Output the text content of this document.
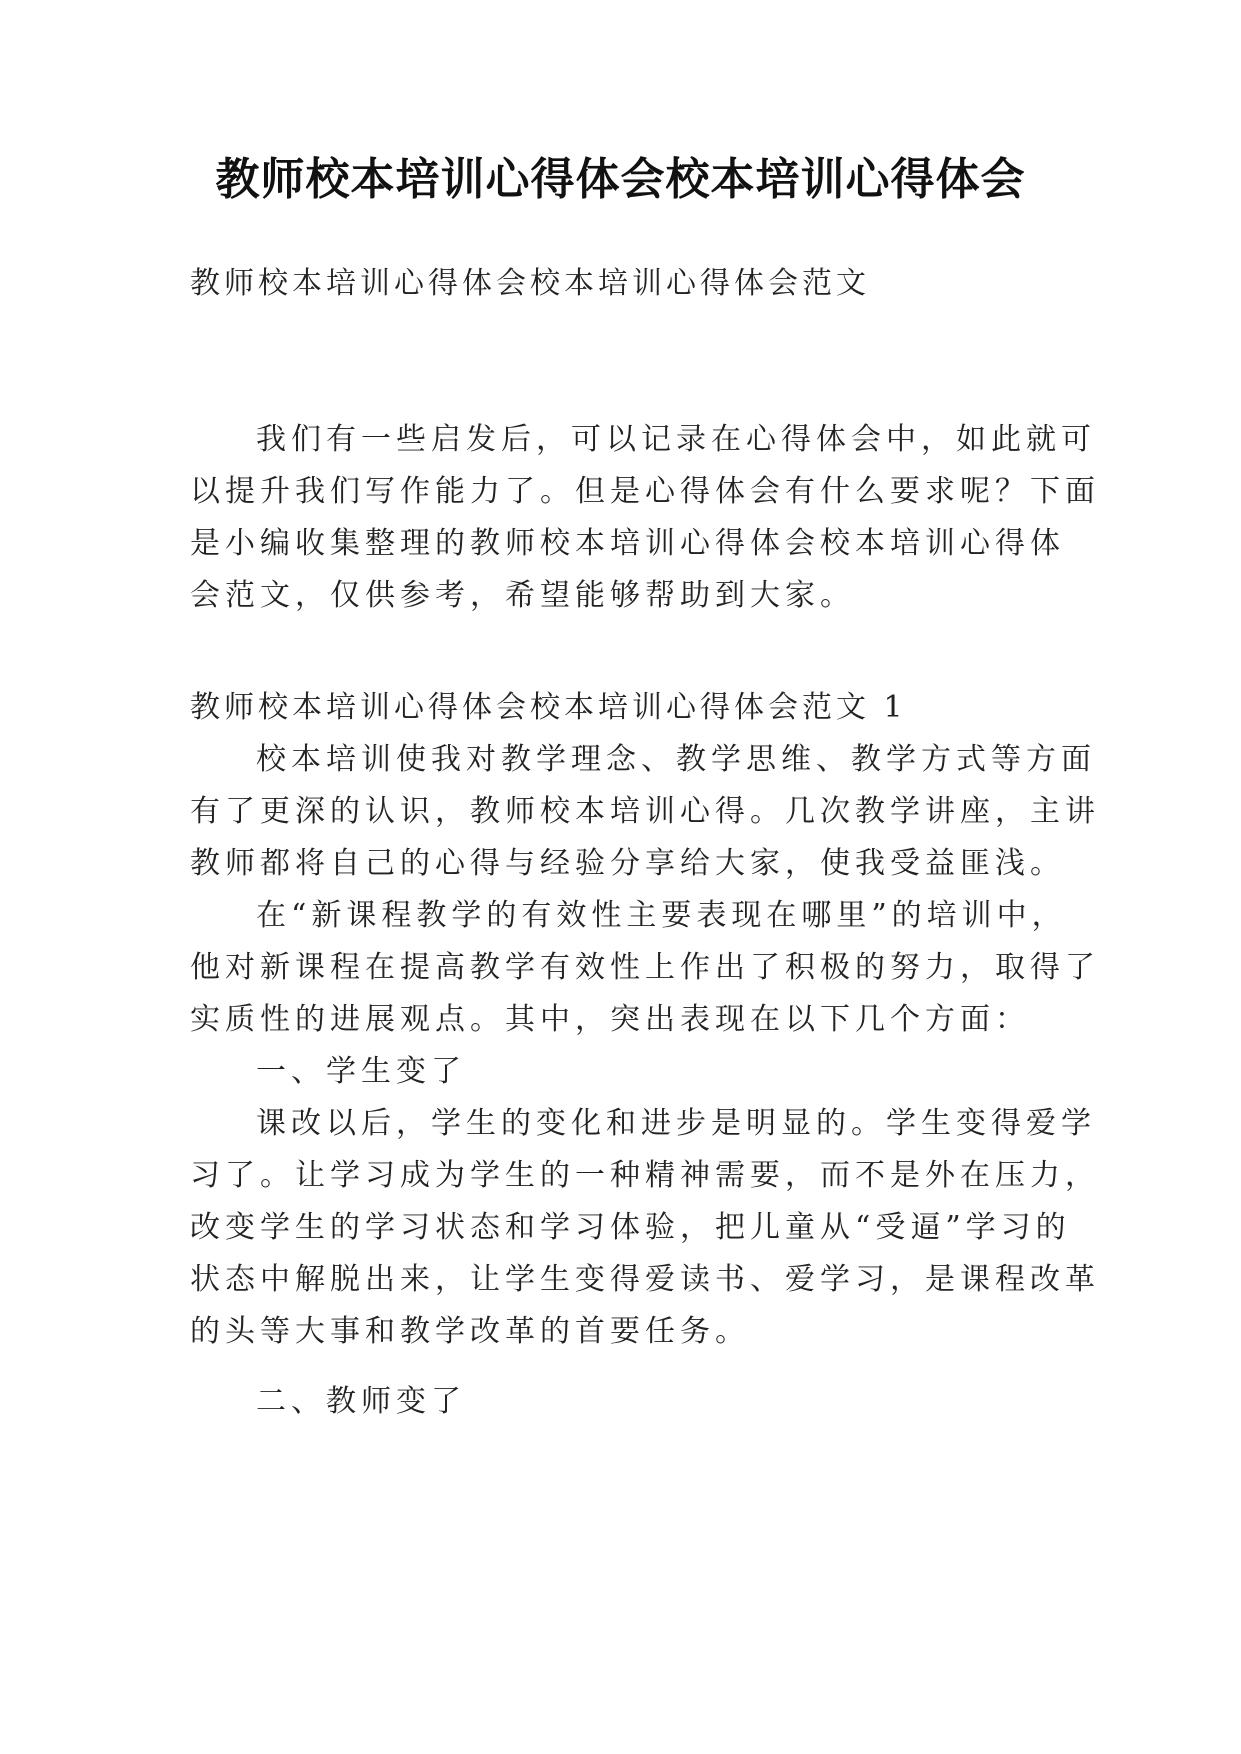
教师校本培训心得体会校本培训心得体会
教师校本培训心得体会校本培训心得体会范文
我们有一些启发后，可以记录在心得体会中，如此就可
以提升我们写作能力了。但是心得体会有什么要求呢？下面
是小编收集整理的教师校本培训心得体会校本培训心得体
会范文，仅供参考，希望能够帮助到大家。
教师校本培训心得体会校本培训心得体会范文 1
校本培训使我对教学理念、教学思维、教学方式等方面
有了更深的认识，教师校本培训心得。几次教学讲座，主讲
教师都将自己的心得与经验分享给大家，使我受益匪浅。
在“新课程教学的有效性主要表现在哪里”的培训中，
他对新课程在提高教学有效性上作出了积极的努力，取得了
实质性的进展观点。其中，突出表现在以下几个方面：
一、学生变了
课改以后，学生的变化和进步是明显的。学生变得爱学
习了。让学习成为学生的一种精神需要，而不是外在压力，
改变学生的学习状态和学习体验，把儿童从“受逼”学习的
状态中解脱出来，让学生变得爱读书、爱学习，是课程改革
的头等大事和教学改革的首要任务。
二、教师变了
